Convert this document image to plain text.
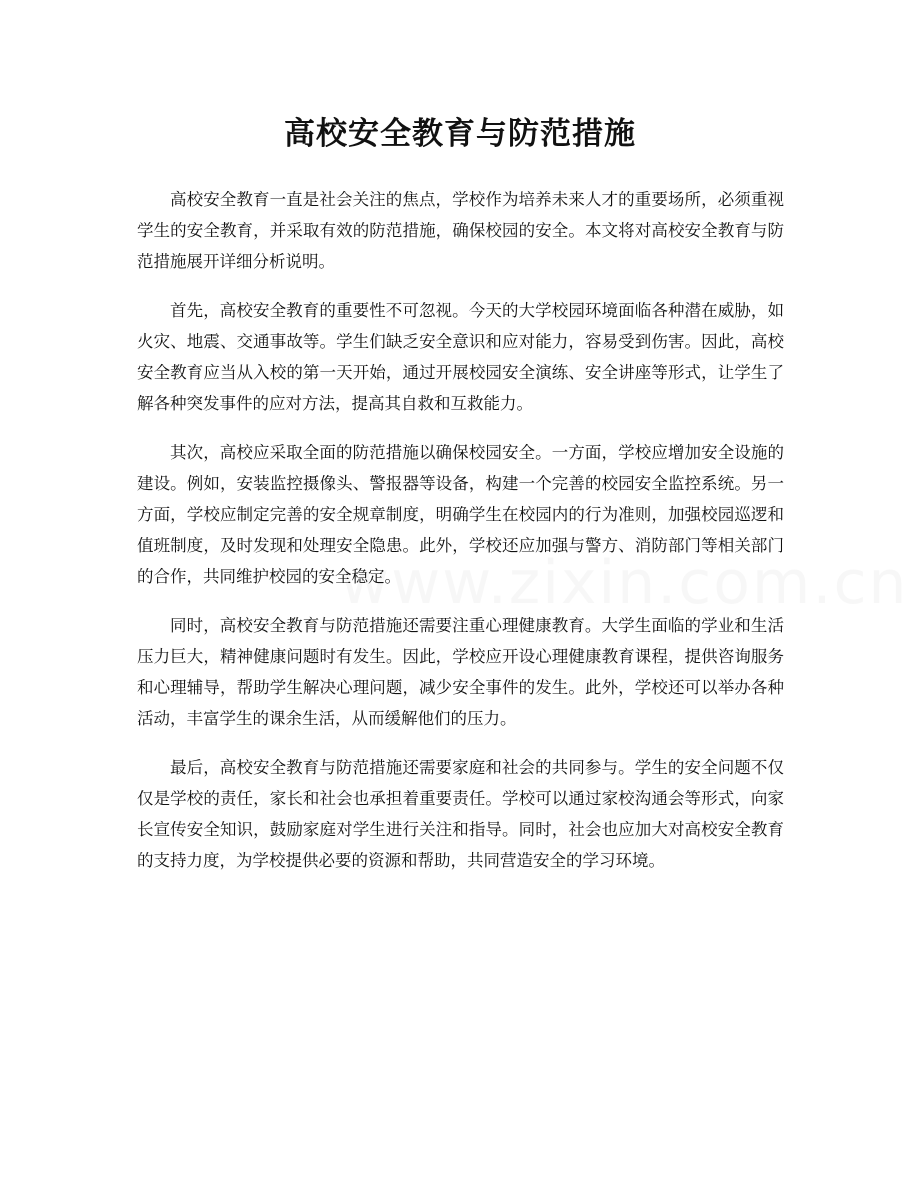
高校安全教育与防范措施
www.zixin.com.cn

高校安全教育一直是社会关注的焦点，学校作为培养未来人才的重要场所，必须重视学生的安全教育，并采取有效的防范措施，确保校园的安全。本文将对高校安全教育与防范措施展开详细分析说明。

首先，高校安全教育的重要性不可忽视。今天的大学校园环境面临各种潜在威胁，如火灾、地震、交通事故等。学生们缺乏安全意识和应对能力，容易受到伤害。因此，高校安全教育应当从入校的第一天开始，通过开展校园安全演练、安全讲座等形式，让学生了解各种突发事件的应对方法，提高其自救和互救能力。

其次，高校应采取全面的防范措施以确保校园安全。一方面，学校应增加安全设施的建设。例如，安装监控摄像头、警报器等设备，构建一个完善的校园安全监控系统。另一方面，学校应制定完善的安全规章制度，明确学生在校园内的行为准则，加强校园巡逻和值班制度，及时发现和处理安全隐患。此外，学校还应加强与警方、消防部门等相关部门的合作，共同维护校园的安全稳定。

同时，高校安全教育与防范措施还需要注重心理健康教育。大学生面临的学业和生活压力巨大，精神健康问题时有发生。因此，学校应开设心理健康教育课程，提供咨询服务和心理辅导，帮助学生解决心理问题，减少安全事件的发生。此外，学校还可以举办各种活动，丰富学生的课余生活，从而缓解他们的压力。

最后，高校安全教育与防范措施还需要家庭和社会的共同参与。学生的安全问题不仅仅是学校的责任，家长和社会也承担着重要责任。学校可以通过家校沟通会等形式，向家长宣传安全知识，鼓励家庭对学生进行关注和指导。同时，社会也应加大对高校安全教育的支持力度，为学校提供必要的资源和帮助，共同营造安全的学习环境。
